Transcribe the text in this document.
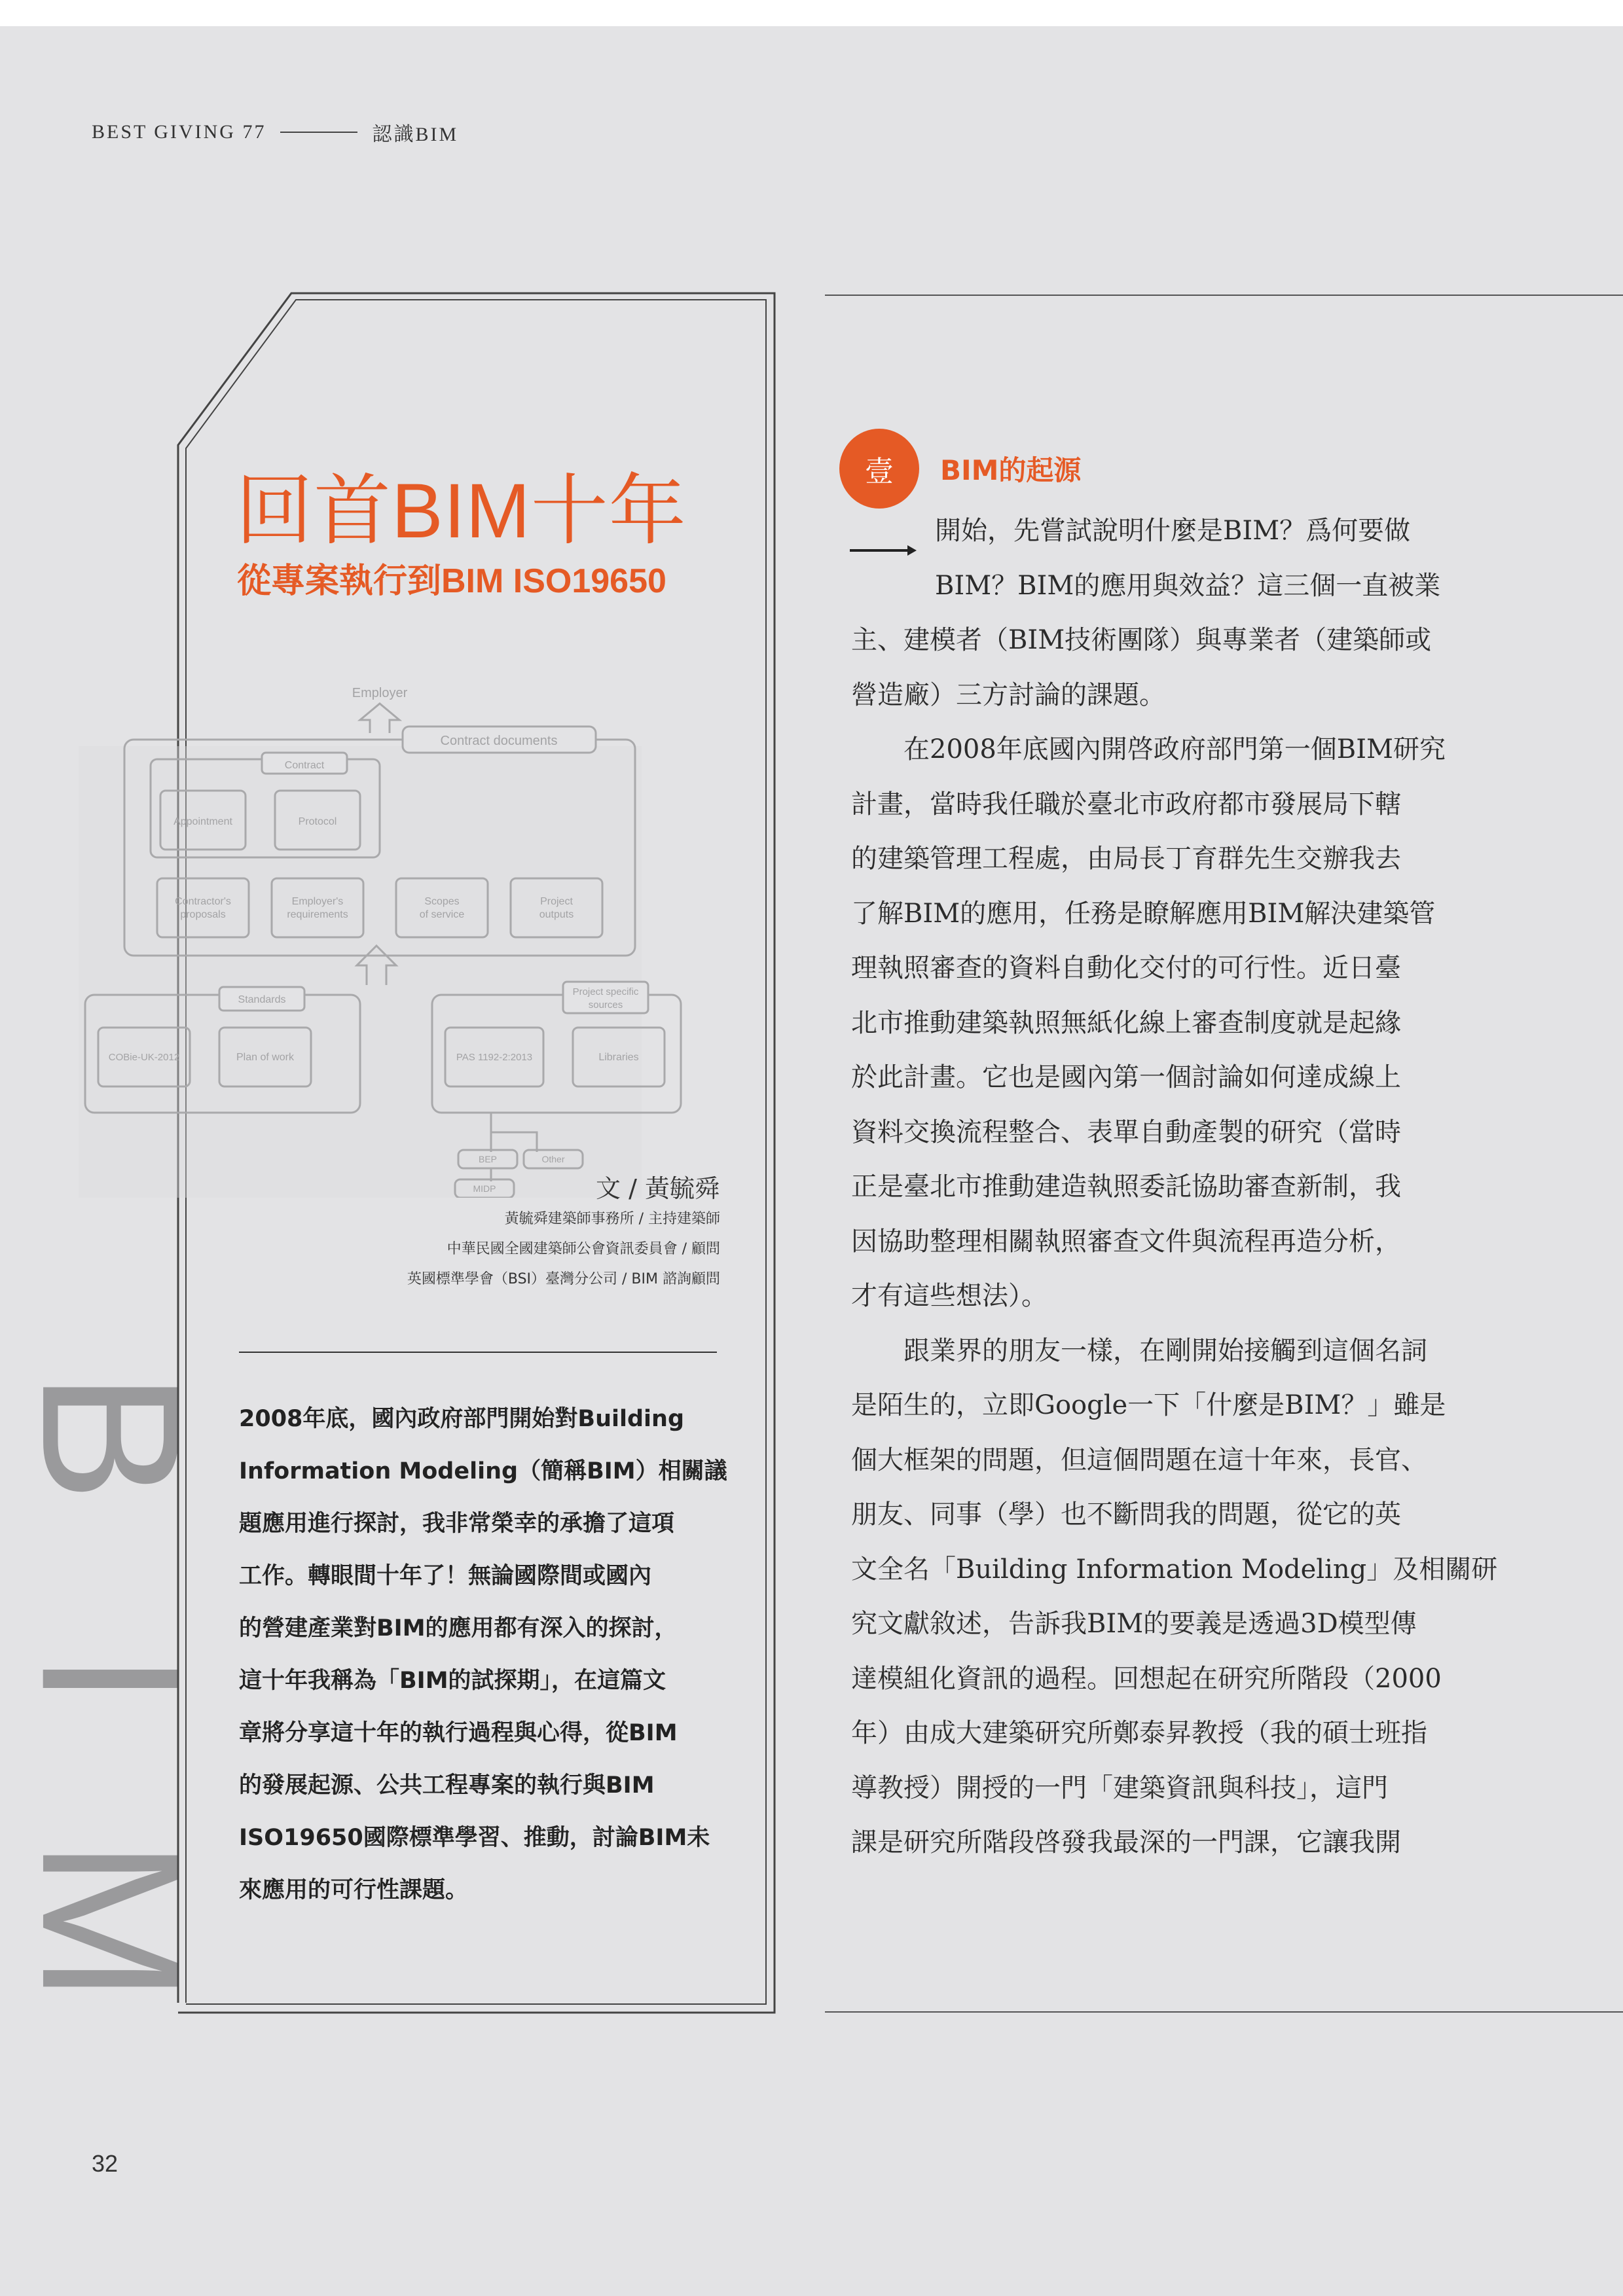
BEST GIVING 77	認識BIM
B
I
M
回首BIM十年
從專案執行到BIM ISO19650
Employer
Contract documents
Contract
Appointment	Protocol
Contractor's
proposals
Employer's
requirements
Scopes
of service
Project
outputs
Standards
COBie-UK-2012	Plan of work
Project specific
sources
PAS 1192-2:2013	Libraries
BEP	Other
MIDP	文 / 黃毓舜
黃毓舜建築師事務所 / 主持建築師
中華民國全國建築師公會資訊委員會 / 顧問
英國標準學會（BSI）臺灣分公司 / BIM 諮詢顧問
2008年底，國內政府部門開始對Building
Information Modeling（簡稱BIM）相關議
題應用進行探討，我非常榮幸的承擔了這項
工作。轉眼間十年了！無論國際間或國內
的營建產業對BIM的應用都有深入的探討，
這十年我稱為「BIM的試探期」，在這篇文
章將分享這十年的執行過程與心得，從BIM
的發展起源、公共工程專案的執行與BIM
ISO19650國際標準學習、推動，討論BIM未
來應用的可行性課題。
壹	BIM的起源
開始，先嘗試說明什麼是BIM？爲何要做
BIM？BIM的應用與效益？這三個一直被業
主、建模者（BIM技術團隊）與專業者（建築師或
營造廠）三方討論的課題。
在2008年底國內開啓政府部門第一個BIM研究
計畫，當時我任職於臺北市政府都市發展局下轄
的建築管理工程處，由局長丁育群先生交辦我去
了解BIM的應用，任務是瞭解應用BIM解決建築管
理執照審查的資料自動化交付的可行性。近日臺
北市推動建築執照無紙化線上審查制度就是起緣
於此計畫。它也是國內第一個討論如何達成線上
資料交換流程整合、表單自動產製的研究（當時
正是臺北市推動建造執照委託協助審查新制，我
因協助整理相關執照審查文件與流程再造分析，
才有這些想法）。
跟業界的朋友一樣，在剛開始接觸到這個名詞
是陌生的，立即Google一下「什麼是BIM？」雖是
個大框架的問題，但這個問題在這十年來，長官、
朋友、同事（學）也不斷問我的問題，從它的英
文全名「Building Information Modeling」及相關研
究文獻敘述，告訴我BIM的要義是透過3D模型傳
達模組化資訊的過程。回想起在研究所階段（2000
年）由成大建築研究所鄭泰昇教授（我的碩士班指
導教授）開授的一門「建築資訊與科技」，這門
課是研究所階段啓發我最深的一門課，它讓我開
32
